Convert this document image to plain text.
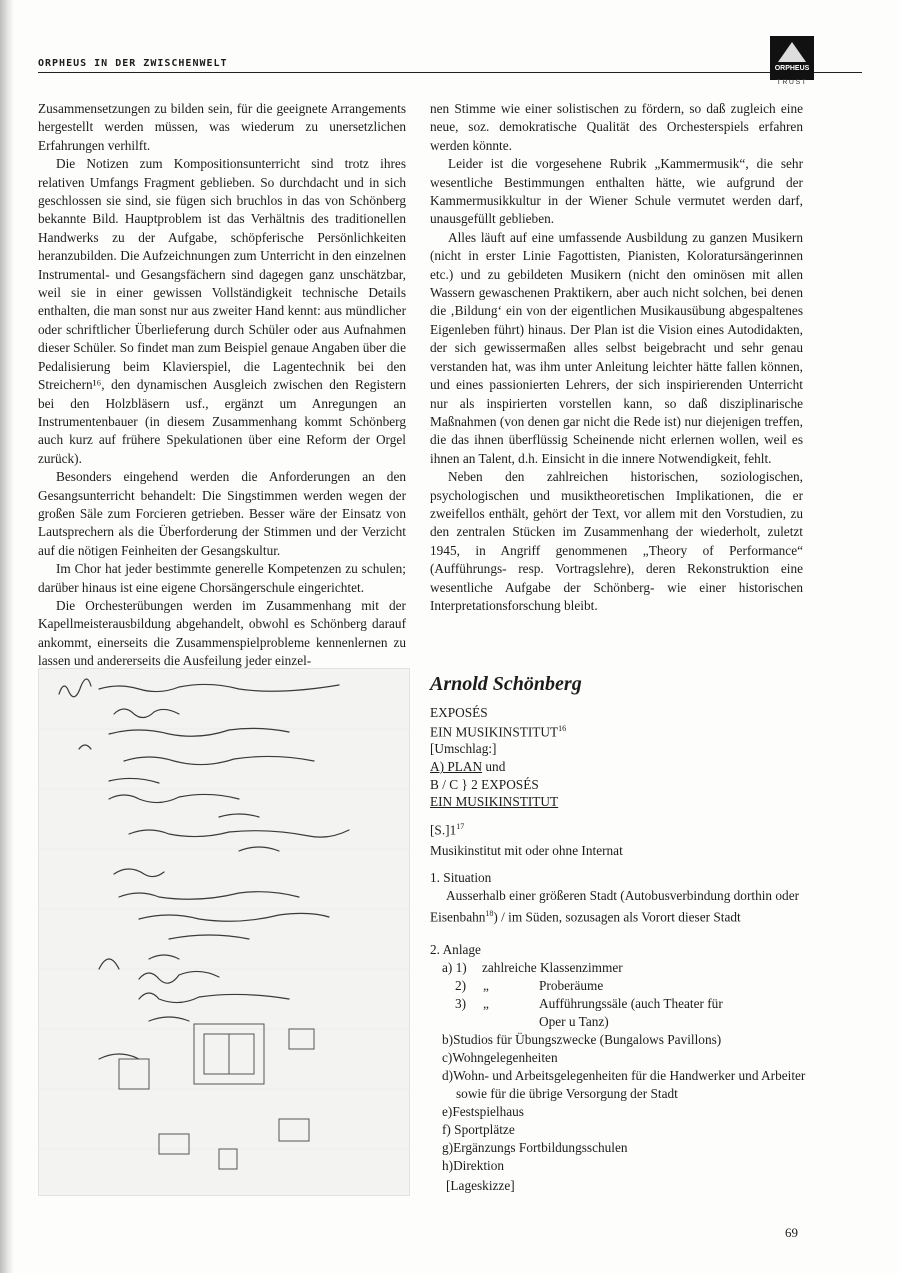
ORPHEUS IN DER ZWISCHENWELT	ORPHEUS
TRUST

Zusammensetzungen zu bilden sein, für die geeignete Arrangements hergestellt werden müssen, was wiederum zu unersetzlichen Erfahrungen verhilft.

Die Notizen zum Kompositionsunterricht sind trotz ihres relativen Umfangs Fragment geblieben. So durchdacht und in sich geschlossen sie sind, sie fügen sich bruchlos in das von Schönberg bekannte Bild. Hauptproblem ist das Verhältnis des traditionellen Handwerks zu der Aufgabe, schöpferische Persönlichkeiten heranzubilden. Die Aufzeichnungen zum Unterricht in den einzelnen Instrumental- und Gesangsfächern sind dagegen ganz unschätzbar, weil sie in einer gewissen Vollständigkeit technische Details enthalten, die man sonst nur aus zweiter Hand kennt: aus mündlicher oder schriftlicher Überlieferung durch Schüler oder aus Aufnahmen dieser Schüler. So findet man zum Beispiel genaue Angaben über die Pedalisierung beim Klavierspiel, die Lagentechnik bei den Streichern¹⁶, den dynamischen Ausgleich zwischen den Registern bei den Holzbläsern usf., ergänzt um Anregungen an Instrumentenbauer (in diesem Zusammenhang kommt Schönberg auch kurz auf frühere Spekulationen über eine Reform der Orgel zurück).

Besonders eingehend werden die Anforderungen an den Gesangsunterricht behandelt: Die Singstimmen werden wegen der großen Säle zum Forcieren getrieben. Besser wäre der Einsatz von Lautsprechern als die Überforderung der Stimmen und der Verzicht auf die nötigen Feinheiten der Gesangskultur.

Im Chor hat jeder bestimmte generelle Kompetenzen zu schulen; darüber hinaus ist eine eigene Chorsängerschule eingerichtet.

Die Orchesterübungen werden im Zusammenhang mit der Kapellmeisterausbildung abgehandelt, obwohl es Schönberg darauf ankommt, einerseits die Zusammenspielprobleme kennenlernen zu lassen und andererseits die Ausfeilung jeder einzel-

nen Stimme wie einer solistischen zu fördern, so daß zugleich eine neue, soz. demokratische Qualität des Orchesterspiels erfahren werden könnte.

Leider ist die vorgesehene Rubrik „Kammermusik“, die sehr wesentliche Bestimmungen enthalten hätte, wie aufgrund der Kammermusikkultur in der Wiener Schule vermutet werden darf, unausgefüllt geblieben.

Alles läuft auf eine umfassende Ausbildung zu ganzen Musikern (nicht in erster Linie Fagottisten, Pianisten, Koloratursängerinnen etc.) und zu gebildeten Musikern (nicht den ominösen mit allen Wassern gewaschenen Praktikern, aber auch nicht solchen, bei denen die ‚Bildung‘ ein von der eigentlichen Musikausübung abgespaltenes Eigenleben führt) hinaus. Der Plan ist die Vision eines Autodidakten, der sich gewissermaßen alles selbst beigebracht und sehr genau verstanden hat, was ihm unter Anleitung leichter hätte fallen können, und eines passionierten Lehrers, der sich inspirierenden Unterricht nur als inspirierten vorstellen kann, so daß disziplinarische Maßnahmen (von denen gar nicht die Rede ist) nur diejenigen treffen, die das ihnen überflüssig Scheinende nicht erlernen wollen, weil es ihnen an Talent, d.h. Einsicht in die innere Notwendigkeit, fehlt.

Neben den zahlreichen historischen, soziologischen, psychologischen und musiktheoretischen Implikationen, die er zweifellos enthält, gehört der Text, vor allem mit den Vorstudien, zu den zentralen Stücken im Zusammenhang der wiederholt, zuletzt 1945, in Angriff genommenen „Theory of Performance“ (Aufführungs- resp. Vortragslehre), deren Rekonstruktion eine wesentliche Aufgabe der Schönberg- wie einer historischen Interpretationsforschung bleibt.

Arnold Schönberg
EXPOSÉS
EIN MUSIKINSTITUT$^{16}$
[Umschlag:]
A) PLAN und
B / C } 2 EXPOSÉS
EIN MUSIKINSTITUT
$[S.]1^{17}$
Musikinstitut mit oder ohne Internat
1. Situation
Ausserhalb einer größeren Stadt (Autobusverbindung dorthin oder Eisenbahn$^{18}$) / im Süden, sozusagen als Vorort dieser Stadt
2. Anlage
a) 1)	zahlreiche Klassenzimmer
2)	„	Proberäume
3)	„	Aufführungssäle (auch Theater für Oper u Tanz)
b)Studios für Übungszwecke (Bungalows Pavillons)
c)Wohngelegenheiten
d)Wohn- und Arbeitsgelegenheiten für die Handwerker und Arbeiter sowie für die übrige Versorgung der Stadt
e)Festspielhaus
f) Sportplätze
g)Ergänzungs Fortbildungsschulen
h)Direktion
[Lageskizze]
69
